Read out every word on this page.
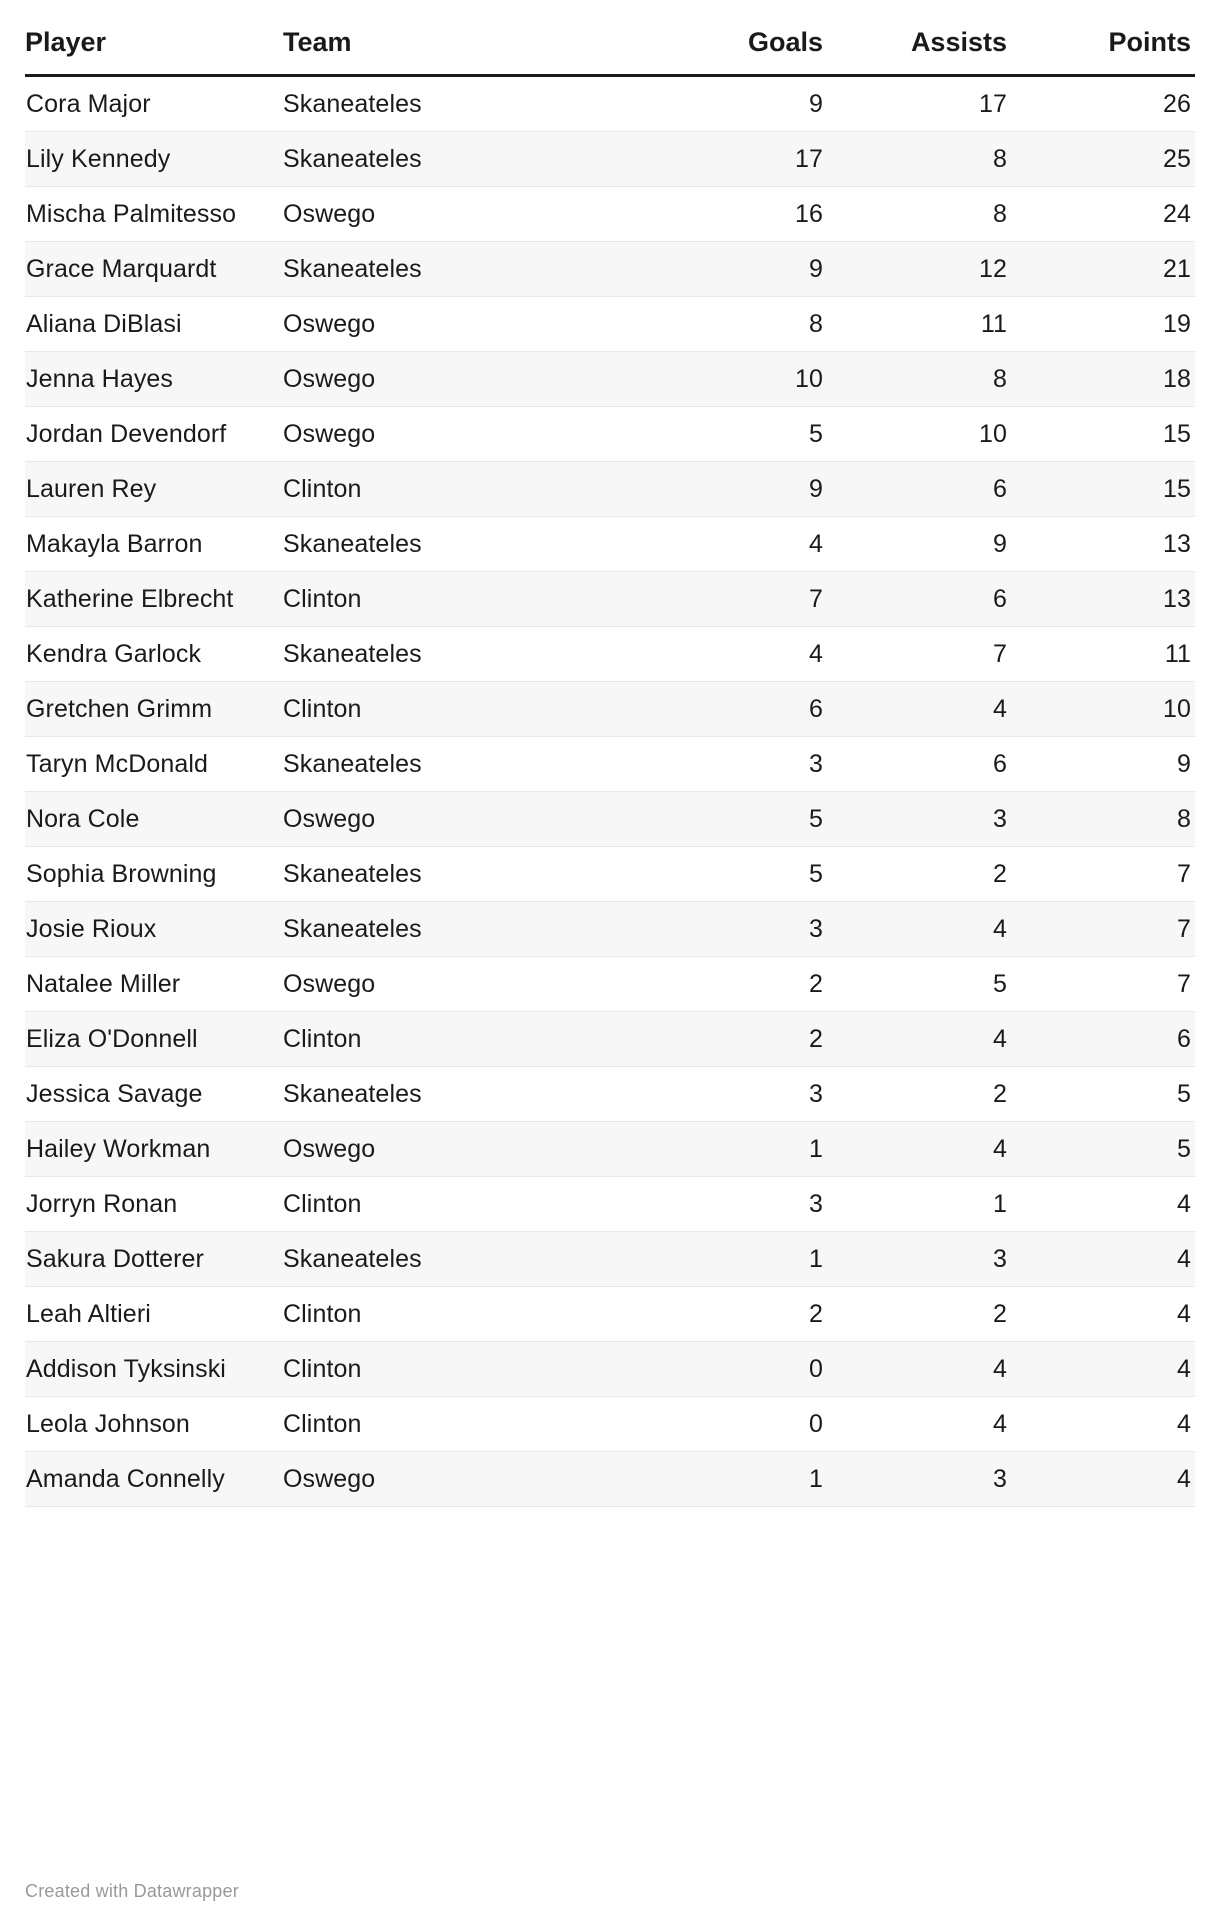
Player	Team	Goals	Assists	Points
Cora Major	Skaneateles	9	17	26
Lily Kennedy	Skaneateles	17	8	25
Mischa Palmitesso	Oswego	16	8	24
Grace Marquardt	Skaneateles	9	12	21
Aliana DiBlasi	Oswego	8	11	19
Jenna Hayes	Oswego	10	8	18
Jordan Devendorf	Oswego	5	10	15
Lauren Rey	Clinton	9	6	15
Makayla Barron	Skaneateles	4	9	13
Katherine Elbrecht	Clinton	7	6	13
Kendra Garlock	Skaneateles	4	7	11
Gretchen Grimm	Clinton	6	4	10
Taryn McDonald	Skaneateles	3	6	9
Nora Cole	Oswego	5	3	8
Sophia Browning	Skaneateles	5	2	7
Josie Rioux	Skaneateles	3	4	7
Natalee Miller	Oswego	2	5	7
Eliza O'Donnell	Clinton	2	4	6
Jessica Savage	Skaneateles	3	2	5
Hailey Workman	Oswego	1	4	5
Jorryn Ronan	Clinton	3	1	4
Sakura Dotterer	Skaneateles	1	3	4
Leah Altieri	Clinton	2	2	4
Addison Tyksinski	Clinton	0	4	4
Leola Johnson	Clinton	0	4	4
Amanda Connelly	Oswego	1	3	4
Created with Datawrapper
